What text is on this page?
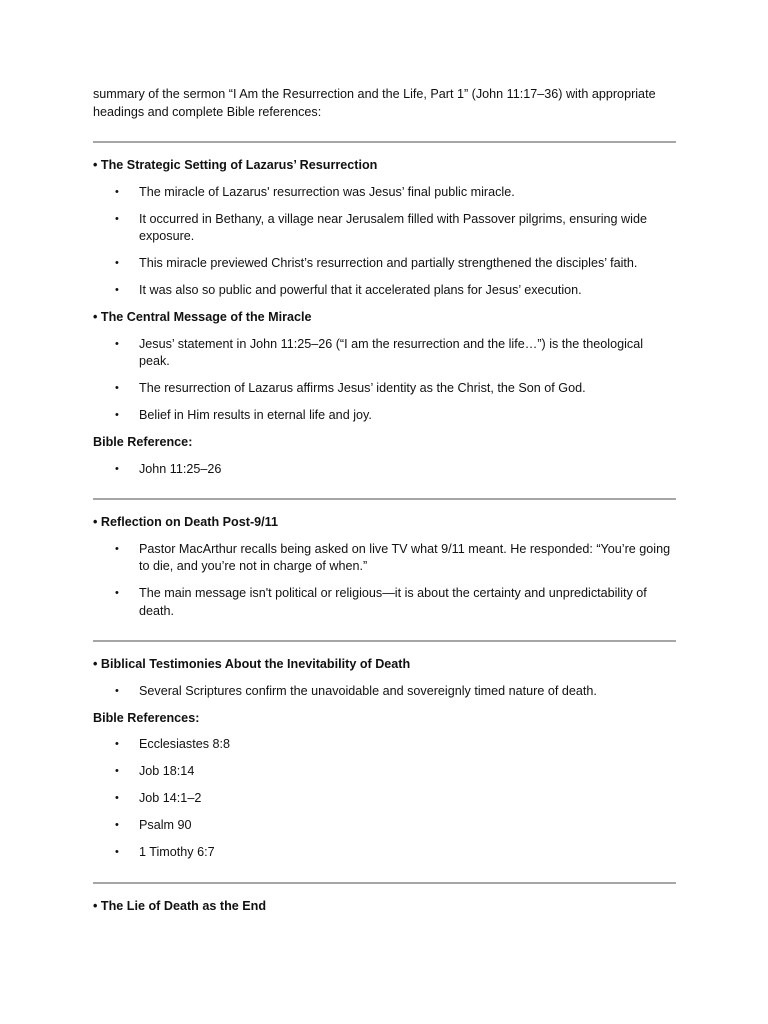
summary of the sermon “I Am the Resurrection and the Life, Part 1” (John 11:17–36) with appropriate headings and complete Bible references:

• The Strategic Setting of Lazarus’ Resurrection

• The miracle of Lazarus' resurrection was Jesus’ final public miracle.
• It occurred in Bethany, a village near Jerusalem filled with Passover pilgrims, ensuring wide exposure.
• This miracle previewed Christ’s resurrection and partially strengthened the disciples’ faith.
• It was also so public and powerful that it accelerated plans for Jesus’ execution.

• The Central Message of the Miracle

• Jesus’ statement in John 11:25–26 (“I am the resurrection and the life…”) is the theological peak.
• The resurrection of Lazarus affirms Jesus’ identity as the Christ, the Son of God.
• Belief in Him results in eternal life and joy.

Bible Reference:

• John 11:25–26

• Reflection on Death Post-9/11

• Pastor MacArthur recalls being asked on live TV what 9/11 meant. He responded: “You’re going to die, and you’re not in charge of when.”
• The main message isn't political or religious—it is about the certainty and unpredictability of death.

• Biblical Testimonies About the Inevitability of Death

• Several Scriptures confirm the unavoidable and sovereignly timed nature of death.

Bible References:

• Ecclesiastes 8:8
• Job 18:14
• Job 14:1–2
• Psalm 90
• 1 Timothy 6:7

• The Lie of Death as the End
